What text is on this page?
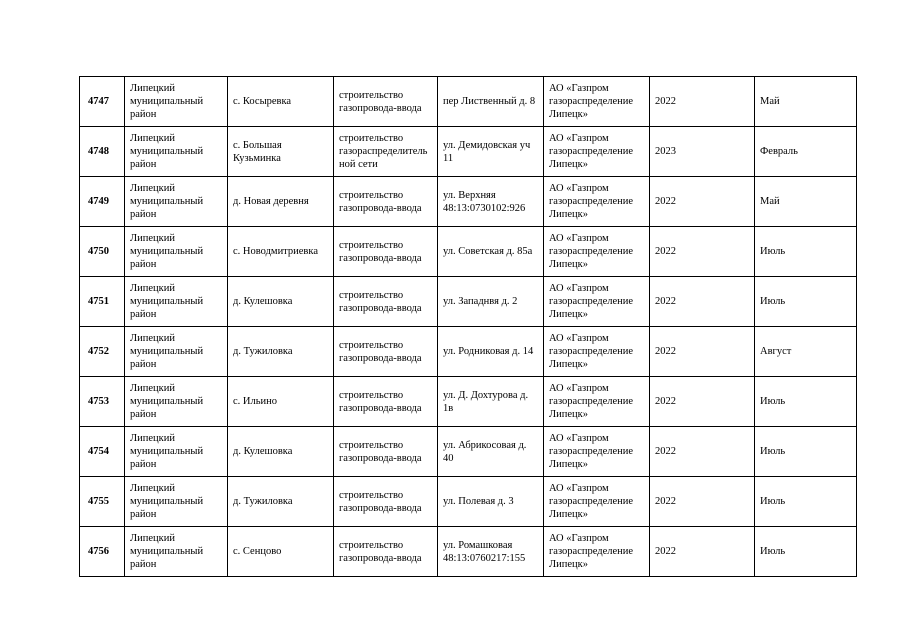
4747	Липецкий муниципальный район	с. Косыревка	строительство газопровода-ввода	пер Лиственный д. 8	АО «Газпром газораспределение Липецк»	2022	Май
4748	Липецкий муниципальный район	с. Большая Кузьминка	строительство газораспределитель ной сети	ул. Демидовская уч 11	АО «Газпром газораспределение Липецк»	2023	Февраль
4749	Липецкий муниципальный район	д. Новая деревня	строительство газопровода-ввода	ул. Верхняя 48:13:0730102:926	АО «Газпром газораспределение Липецк»	2022	Май
4750	Липецкий муниципальный район	с. Новодмитриевка	строительство газопровода-ввода	ул. Советская д. 85а	АО «Газпром газораспределение Липецк»	2022	Июль
4751	Липецкий муниципальный район	д. Кулешовка	строительство газопровода-ввода	ул. Западнвя д. 2	АО «Газпром газораспределение Липецк»	2022	Июль
4752	Липецкий муниципальный район	д. Тужиловка	строительство газопровода-ввода	ул. Родниковая д. 14	АО «Газпром газораспределение Липецк»	2022	Август
4753	Липецкий муниципальный район	с. Ильино	строительство газопровода-ввода	ул. Д. Дохтурова д. 1в	АО «Газпром газораспределение Липецк»	2022	Июль
4754	Липецкий муниципальный район	д. Кулешовка	строительство газопровода-ввода	ул. Абрикосовая д. 40	АО «Газпром газораспределение Липецк»	2022	Июль
4755	Липецкий муниципальный район	д. Тужиловка	строительство газопровода-ввода	ул. Полевая д. 3	АО «Газпром газораспределение Липецк»	2022	Июль
4756	Липецкий муниципальный район	с. Сенцово	строительство газопровода-ввода	ул. Ромашковая 48:13:0760217:155	АО «Газпром газораспределение Липецк»	2022	Июль
